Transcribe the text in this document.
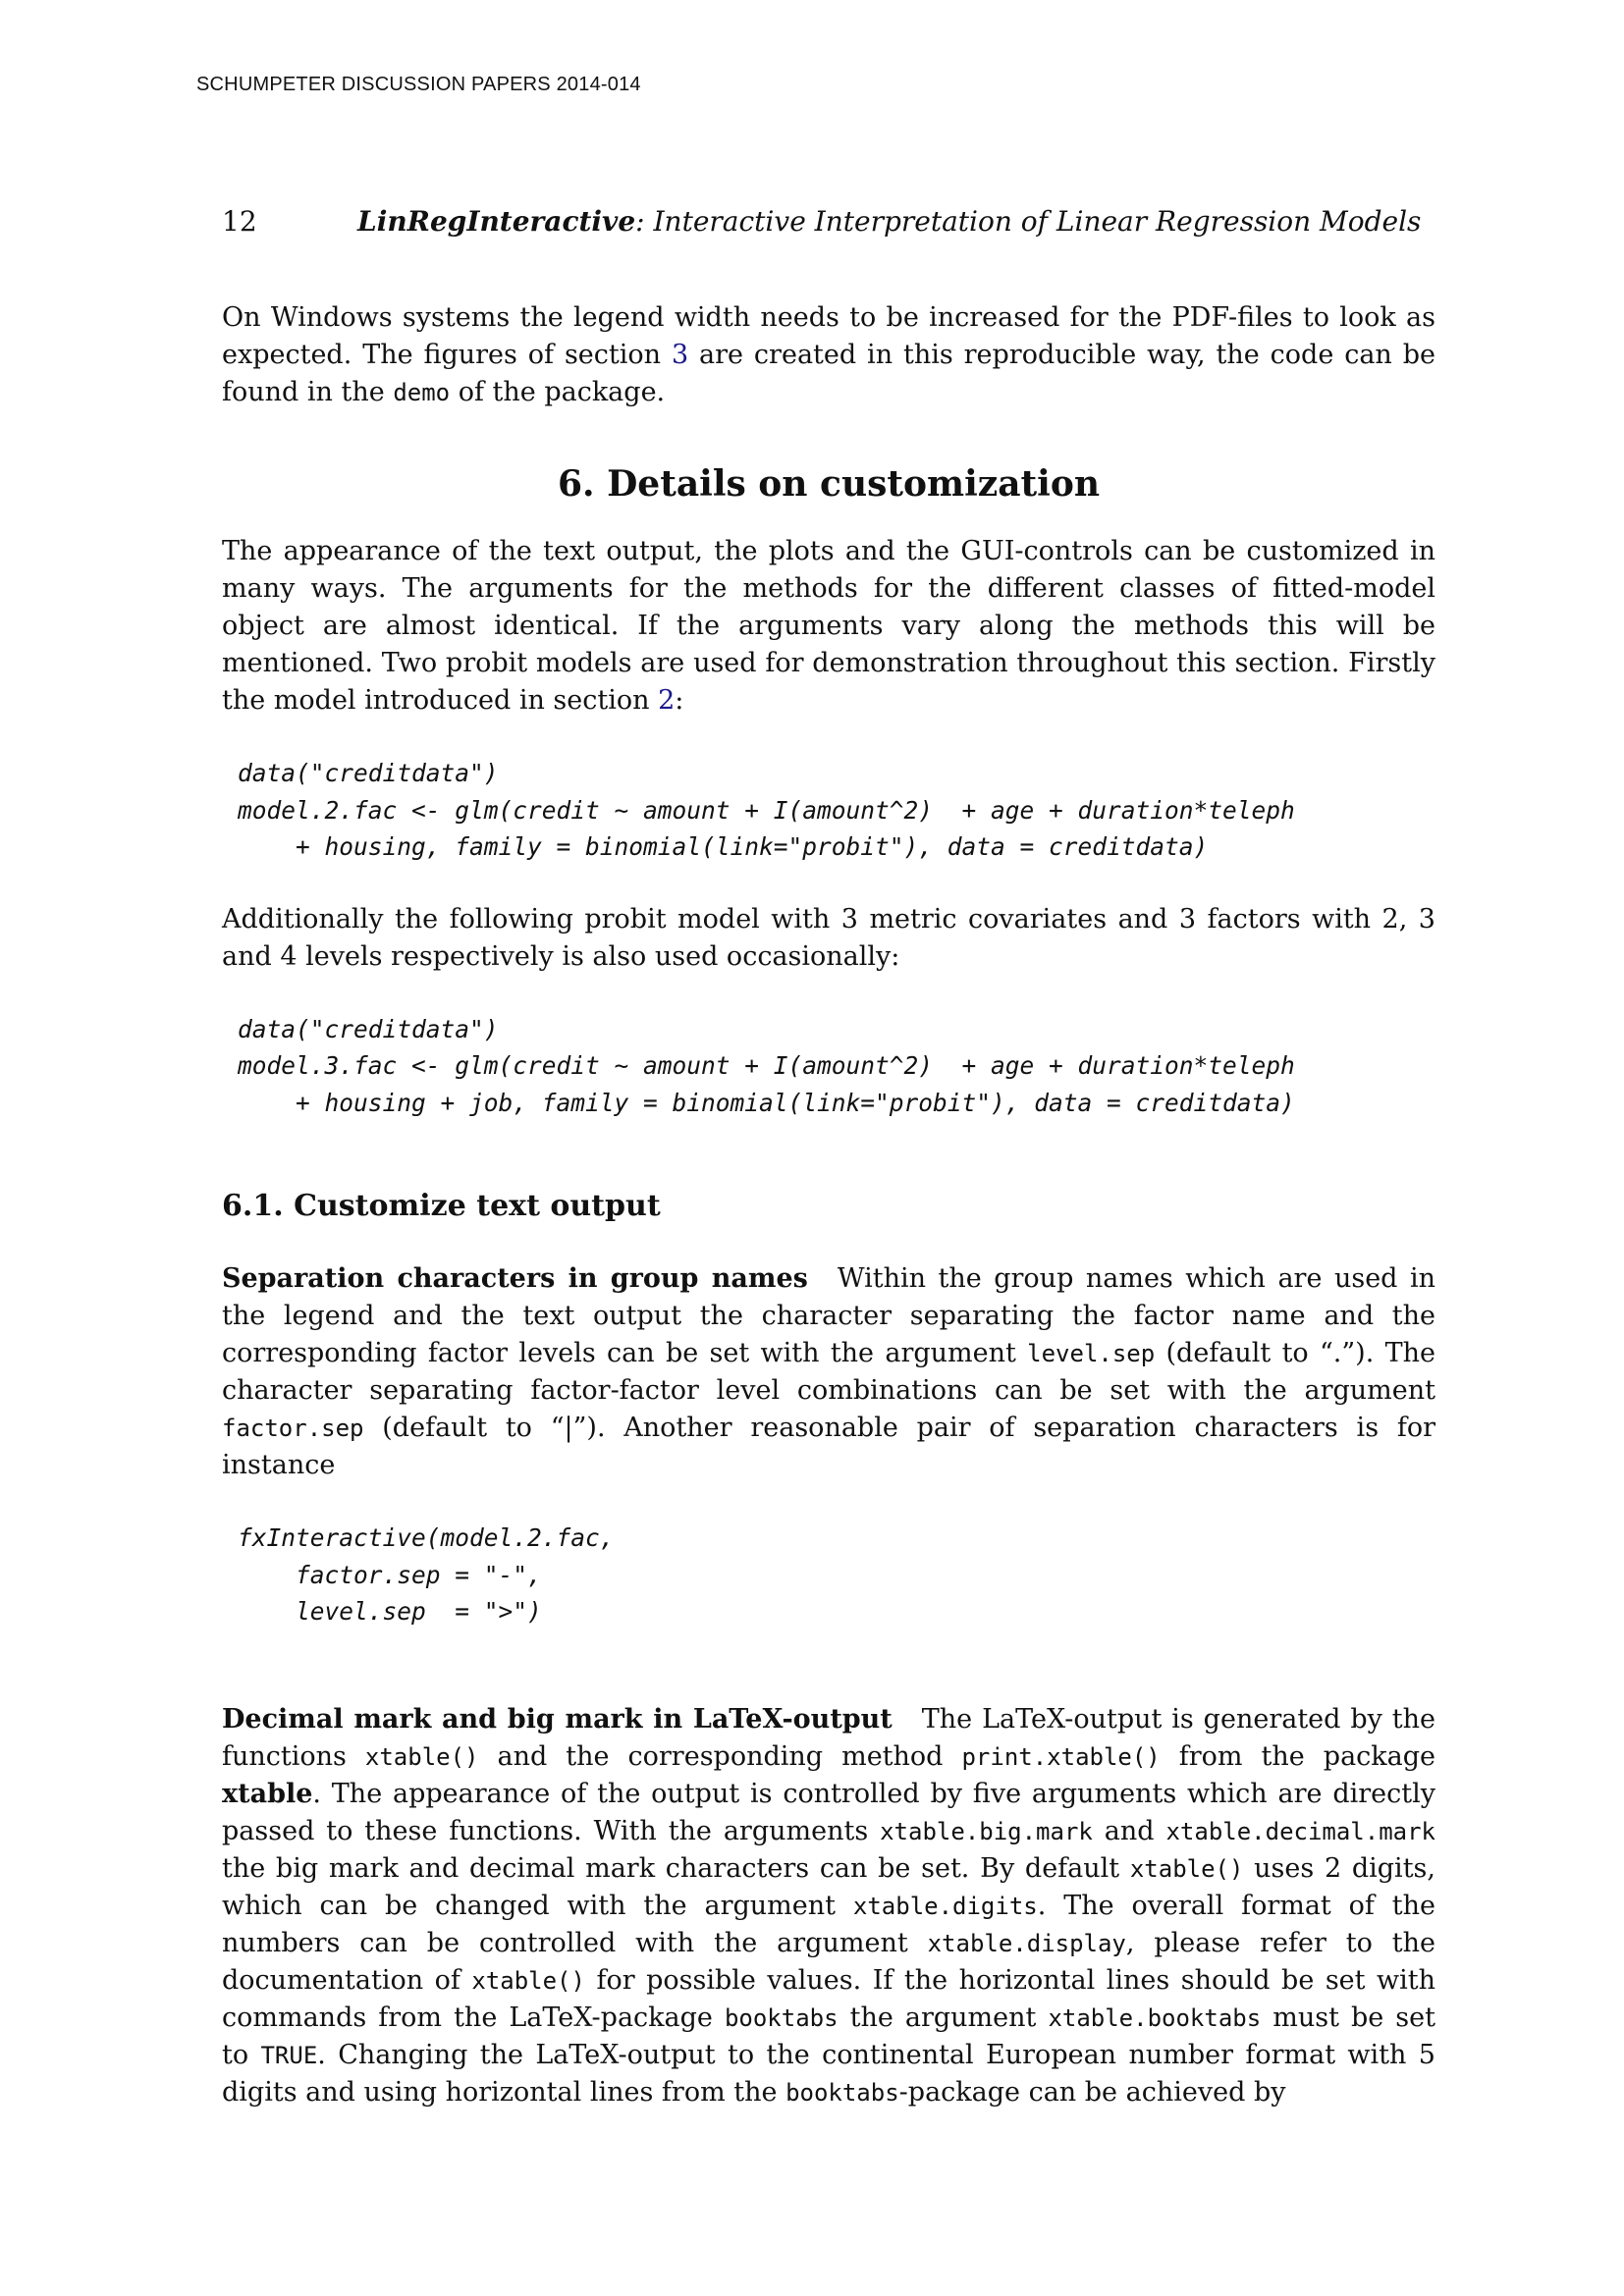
SCHUMPETER DISCUSSION PAPERS 2014-014
12	LinRegInteractive: Interactive Interpretation of Linear Regression Models

On Windows systems the legend width needs to be increased for the PDF-files to look as expected. The figures of section 3 are created in this reproducible way, the code can be found in the demo of the package.

6. Details on customization

The appearance of the text output, the plots and the GUI-controls can be customized in many ways. The arguments for the methods for the different classes of fitted-model object are almost identical. If the arguments vary along the methods this will be mentioned. Two probit models are used for demonstration throughout this section. Firstly the model introduced in section 2:

data("creditdata")
model.2.fac <- glm(credit ~ amount + I(amount^2)  + age + duration*teleph
+ housing, family = binomial(link="probit"), data = creditdata)

Additionally the following probit model with 3 metric covariates and 3 factors with 2, 3 and 4 levels respectively is also used occasionally:

data("creditdata")
model.3.fac <- glm(credit ~ amount + I(amount^2)  + age + duration*teleph
+ housing + job, family = binomial(link="probit"), data = creditdata)
6.1. Customize text output

Separation characters in group names Within the group names which are used in the legend and the text output the character separating the factor name and the corresponding factor levels can be set with the argument level.sep (default to “.”). The character separating factor-factor level combinations can be set with the argument factor.sep (default to “|”). Another reasonable pair of separation characters is for instance

fxInteractive(model.2.fac,
factor.sep = "-",
level.sep  = ">")

Decimal mark and big mark in LaTeX-output The LaTeX-output is generated by the functions xtable() and the corresponding method print.xtable() from the package xtable. The appearance of the output is controlled by five arguments which are directly passed to these functions. With the arguments xtable.big.mark and xtable.decimal.mark the big mark and decimal mark characters can be set. By default xtable() uses 2 digits, which can be changed with the argument xtable.digits. The overall format of the numbers can be controlled with the argument xtable.display, please refer to the documentation of xtable() for possible values. If the horizontal lines should be set with commands from the LaTeX-package booktabs the argument xtable.booktabs must be set to TRUE. Changing the LaTeX-output to the continental European number format with 5 digits and using horizontal lines from the booktabs-package can be achieved by
